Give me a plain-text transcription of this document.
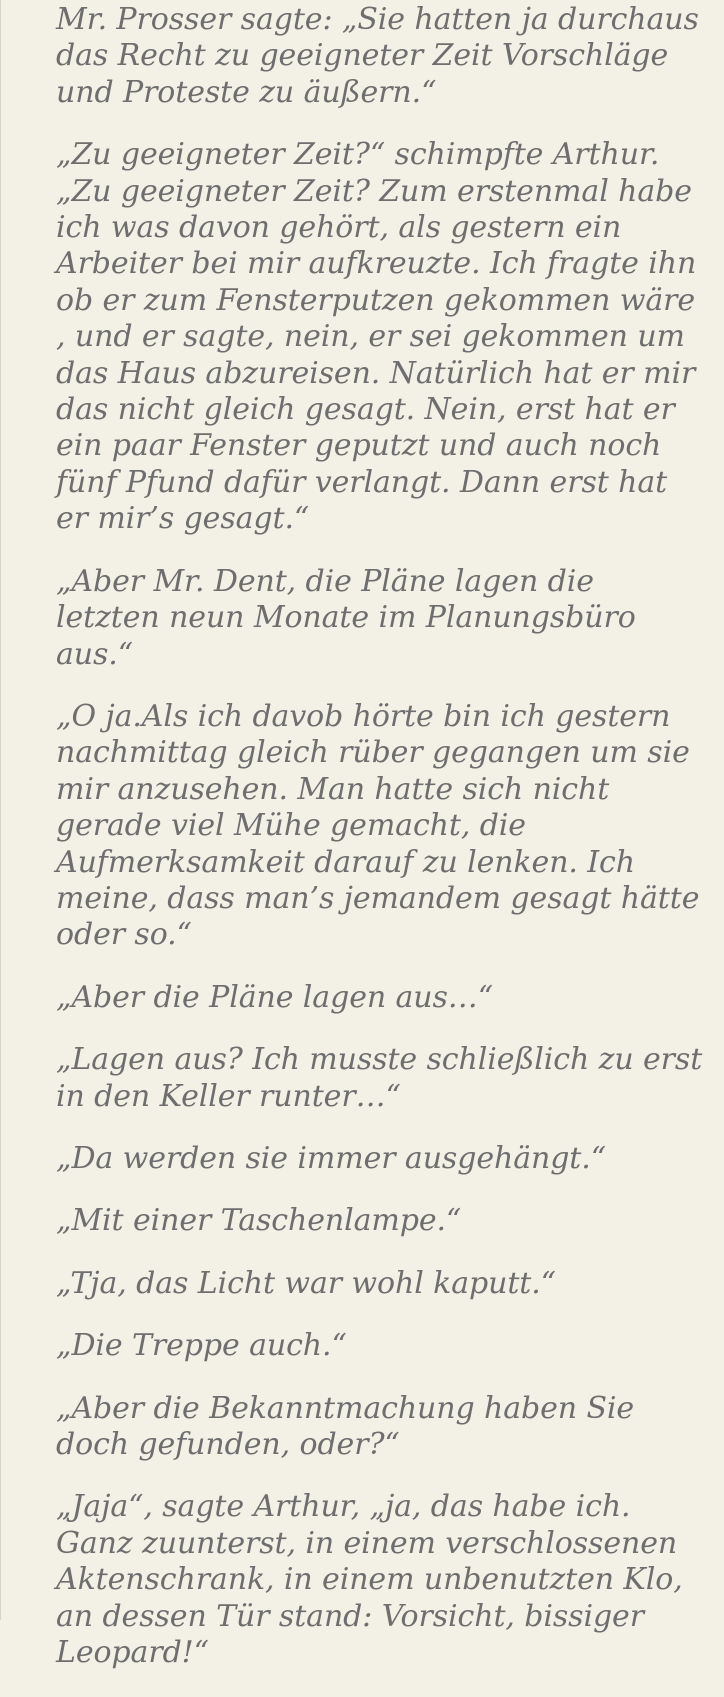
Mr. Prosser sagte: „Sie hatten ja durchaus das Recht zu geeigneter Zeit Vorschläge und Proteste zu äußern.“

„Zu geeigneter Zeit?“ schimpfte Arthur. „Zu geeigneter Zeit? Zum erstenmal habe ich was davon gehört, als gestern ein Arbeiter bei mir aufkreuzte. Ich fragte ihn ob er zum Fensterputzen gekommen wäre , und er sagte, nein, er sei gekommen um das Haus abzureisen. Natürlich hat er mir das nicht gleich gesagt. Nein, erst hat er ein paar Fenster geputzt und auch noch fünf Pfund dafür verlangt. Dann erst hat er mir’s gesagt.“

„Aber Mr. Dent, die Pläne lagen die letzten neun Monate im Planungsbüro aus.“

„O ja.Als ich davob hörte bin ich gestern nachmittag gleich rüber gegangen um sie mir anzusehen. Man hatte sich nicht gerade viel Mühe gemacht, die Aufmerksamkeit darauf zu lenken. Ich meine, dass man’s jemandem gesagt hätte oder so.“

„Aber die Pläne lagen aus…“

„Lagen aus? Ich musste schließlich zu erst in den Keller runter…“

„Da werden sie immer ausgehängt.“

„Mit einer Taschenlampe.“

„Tja, das Licht war wohl kaputt.“

„Die Treppe auch.“

„Aber die Bekanntmachung haben Sie doch gefunden, oder?“

„Jaja“, sagte Arthur, „ja, das habe ich. Ganz zuunterst, in einem verschlossenen Aktenschrank, in einem unbenutzten Klo, an dessen Tür stand: Vorsicht, bissiger Leopard!“
